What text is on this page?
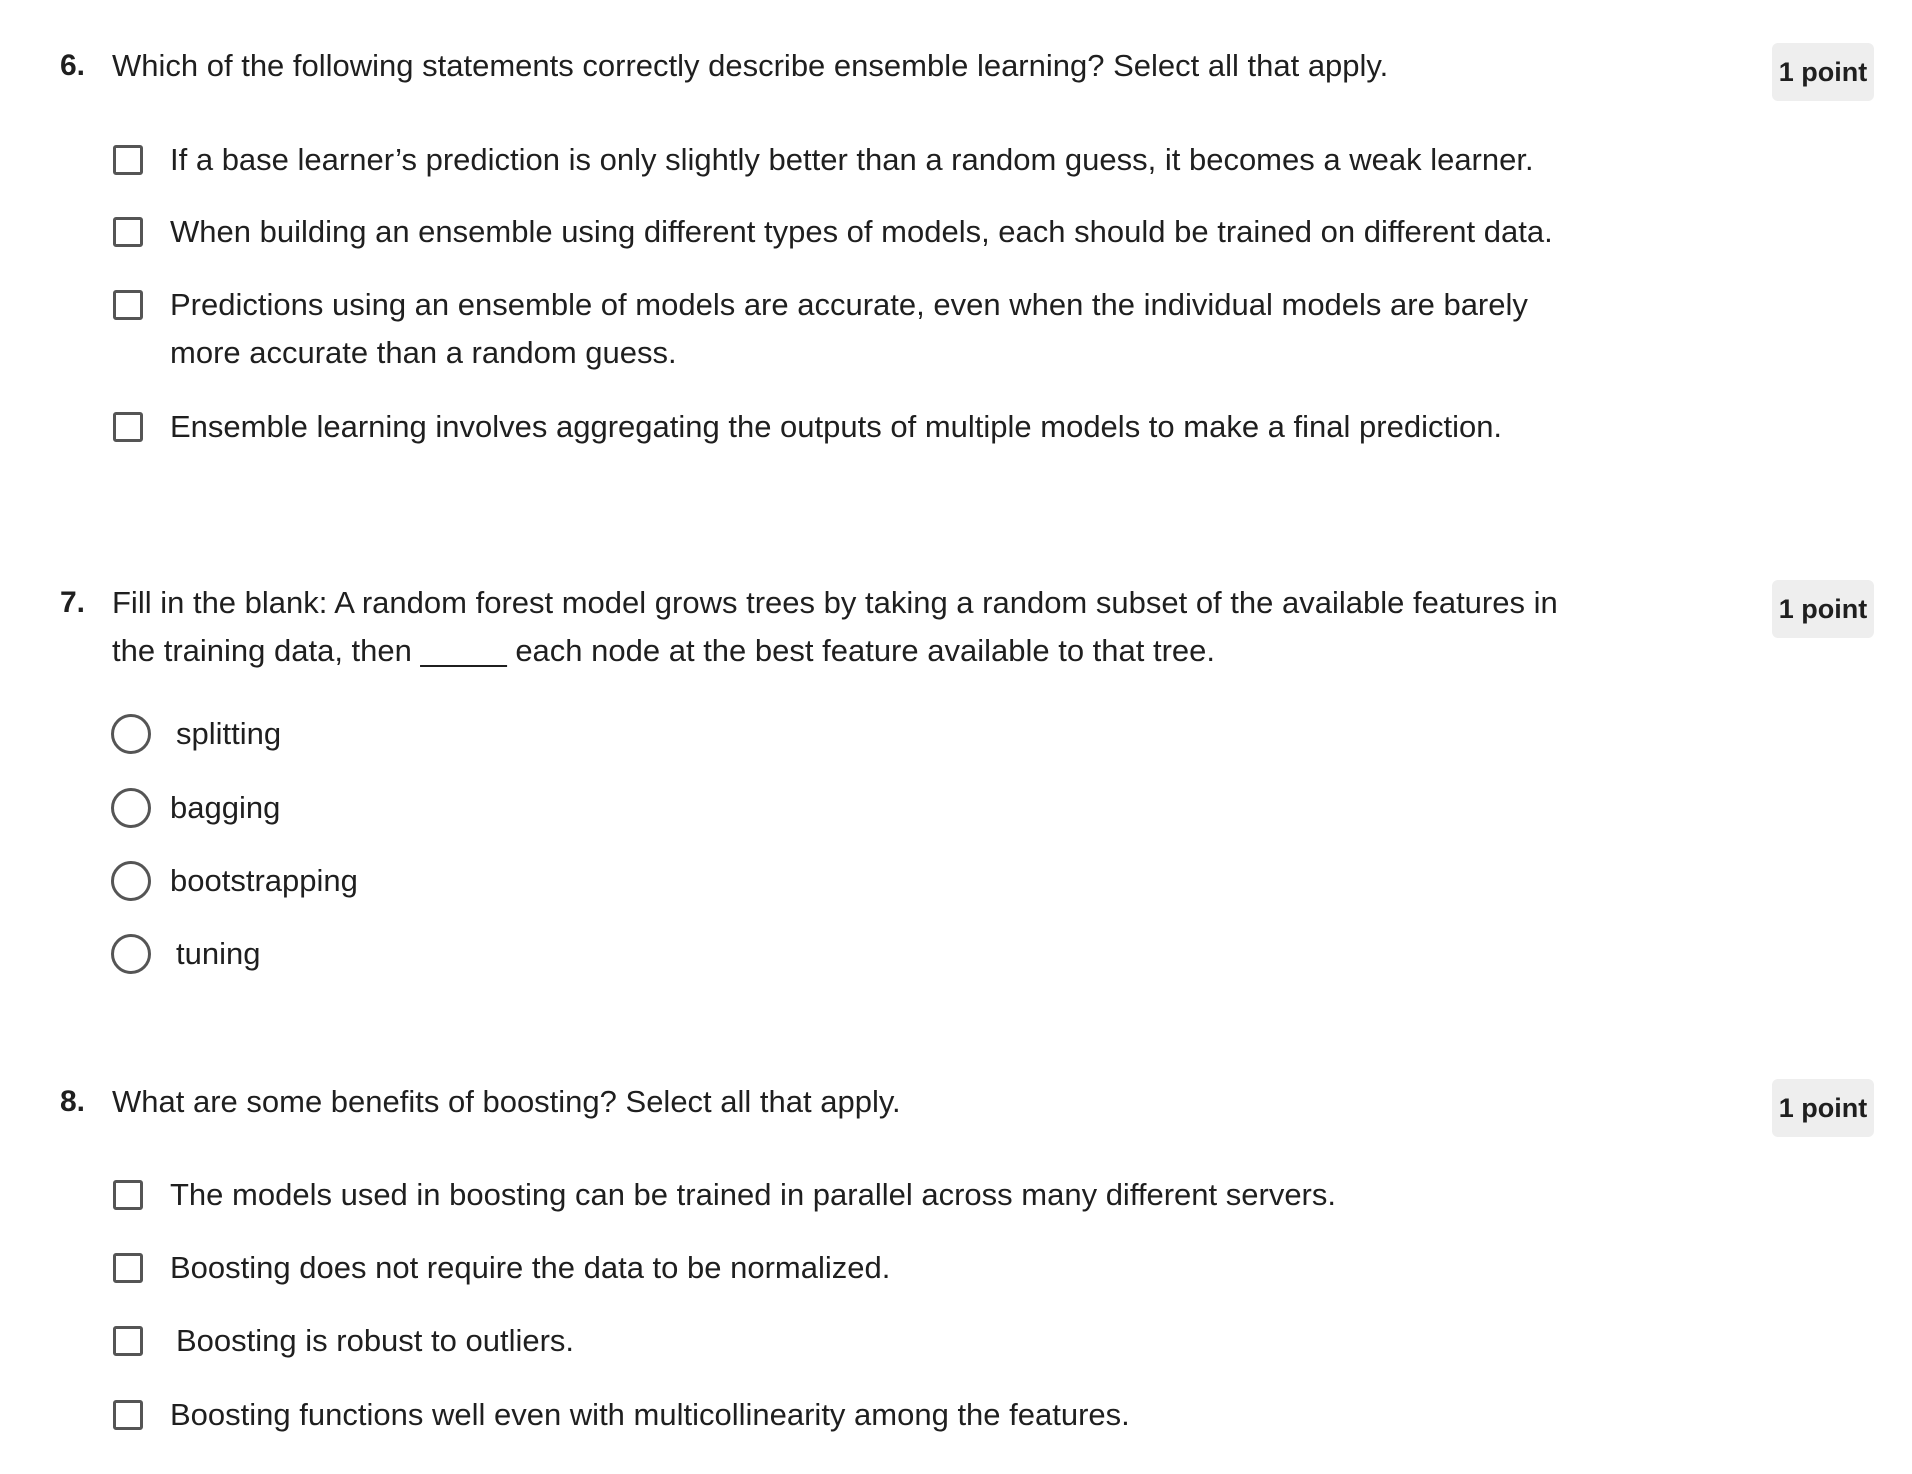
6. Which of the following statements correctly describe ensemble learning? Select all that apply.	1 point
If a base learner’s prediction is only slightly better than a random guess, it becomes a weak learner.
When building an ensemble using different types of models, each should be trained on different data.
Predictions using an ensemble of models are accurate, even when the individual models are barely more accurate than a random guess.
Ensemble learning involves aggregating the outputs of multiple models to make a final prediction.
7. Fill in the blank: A random forest model grows trees by taking a random subset of the available features in the training data, then _____ each node at the best feature available to that tree.
1 point
splitting
bagging
bootstrapping
tuning
8. What are some benefits of boosting? Select all that apply.	1 point
The models used in boosting can be trained in parallel across many different servers.
Boosting does not require the data to be normalized.
Boosting is robust to outliers.
Boosting functions well even with multicollinearity among the features.
